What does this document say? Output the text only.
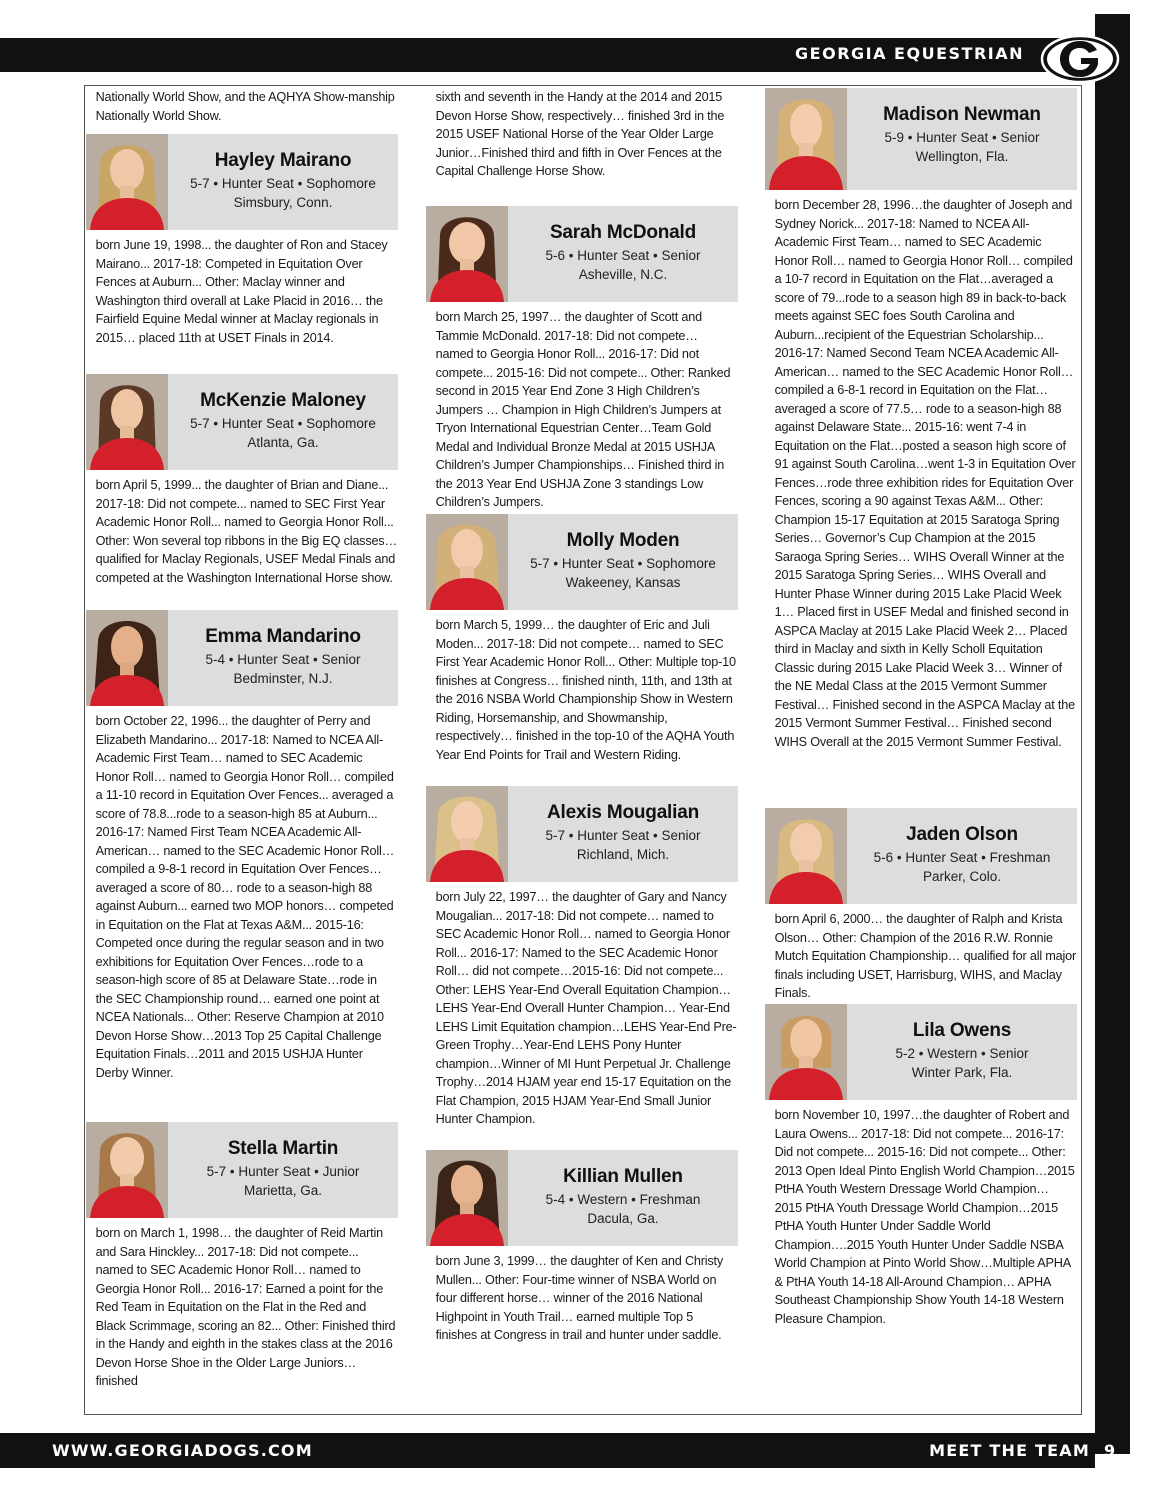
GEORGIA EQUESTRIAN
WWW.GEORGIADOGS.COM	MEET THE TEAM 9

Nationally World Show, and the AQHYA Show-manship Nationally World Show.

Hayley Mairano
5-7 • Hunter Seat • Sophomore
Simsbury, Conn.

born June 19, 1998... the daughter of Ron and Stacey Mairano... 2017-18: Competed in Equitation Over Fences at Auburn... Other: Maclay winner and Washington third overall at Lake Placid in 2016… the Fairfield Equine Medal winner at Maclay regionals in 2015… placed 11th at USET Finals in 2014.

McKenzie Maloney
5-7 • Hunter Seat • Sophomore
Atlanta, Ga.

born April 5, 1999... the daughter of Brian and Diane... 2017-18: Did not compete... named to SEC First Year Academic Honor Roll... named to Georgia Honor Roll... Other: Won several top ribbons in the Big EQ classes… qualified for Maclay Regionals, USEF Medal Finals and competed at the Washington International Horse show.

Emma Mandarino
5-4 • Hunter Seat • Senior
Bedminster, N.J.

born October 22, 1996... the daughter of Perry and Elizabeth Mandarino... 2017-18: Named to NCEA All-Academic First Team… named to SEC Academic Honor Roll… named to Georgia Honor Roll… compiled a 11-10 record in Equitation Over Fences... averaged a score of 78.8...rode to a season-high 85 at Auburn... 2016-17: Named First Team NCEA Academic All-American… named to the SEC Academic Honor Roll… compiled a 9-8-1 record in Equitation Over Fences…averaged a score of 80… rode to a season-high 88 against Auburn... earned two MOP honors… competed in Equitation on the Flat at Texas A&M... 2015-16: Competed once during the regular season and in two exhibitions for Equitation Over Fences…rode to a season-high score of 85 at Delaware State…rode in the SEC Championship round… earned one point at NCEA Nationals... Other: Reserve Champion at 2010 Devon Horse Show…2013 Top 25 Capital Challenge Equitation Finals…2011 and 2015 USHJA Hunter Derby Winner.

Stella Martin
5-7 • Hunter Seat • Junior
Marietta, Ga.

born on March 1, 1998… the daughter of Reid Martin and Sara Hinckley... 2017-18: Did not compete... named to SEC Academic Honor Roll… named to Georgia Honor Roll... 2016-17: Earned a point for the Red Team in Equitation on the Flat in the Red and Black Scrimmage, scoring an 82... Other: Finished third in the Handy and eighth in the stakes class at the 2016 Devon Horse Shoe in the Older Large Juniors… finished

sixth and seventh in the Handy at the 2014 and 2015 Devon Horse Show, respectively… finished 3rd in the 2015 USEF National Horse of the Year Older Large Junior…Finished third and fifth in Over Fences at the Capital Challenge Horse Show.

Sarah McDonald
5-6 • Hunter Seat • Senior
Asheville, N.C.

born March 25, 1997… the daughter of Scott and Tammie McDonald. 2017-18: Did not compete… named to Georgia Honor Roll... 2016-17: Did not compete... 2015-16: Did not compete... Other: Ranked second in 2015 Year End Zone 3 High Children’s Jumpers … Champion in High Children’s Jumpers at Tryon International Equestrian Center…Team Gold Medal and Individual Bronze Medal at 2015 USHJA Children’s Jumper Championships… Finished third in the 2013 Year End USHJA Zone 3 standings Low Children’s Jumpers.

Molly Moden
5-7 • Hunter Seat • Sophomore
Wakeeney, Kansas

born March 5, 1999… the daughter of Eric and Juli Moden... 2017-18: Did not compete… named to SEC First Year Academic Honor Roll... Other: Multiple top-10 finishes at Congress… finished ninth, 11th, and 13th at the 2016 NSBA World Championship Show in Western Riding, Horsemanship, and Showmanship, respectively… finished in the top-10 of the AQHA Youth Year End Points for Trail and Western Riding.

Alexis Mougalian
5-7 • Hunter Seat • Senior
Richland, Mich.

born July 22, 1997… the daughter of Gary and Nancy Mougalian... 2017-18: Did not compete… named to SEC Academic Honor Roll… named to Georgia Honor Roll... 2016-17: Named to the SEC Academic Honor Roll… did not compete…2015-16: Did not compete... Other: LEHS Year-End Overall Equitation Champion… LEHS Year-End Overall Hunter Champion… Year-End LEHS Limit Equitation champion…LEHS Year-End Pre-Green Trophy…Year-End LEHS Pony Hunter champion…Winner of MI Hunt Perpetual Jr. Challenge Trophy…2014 HJAM year end 15-17 Equitation on the Flat Champion, 2015 HJAM Year-End Small Junior Hunter Champion.

Killian Mullen
5-4 • Western • Freshman
Dacula, Ga.

born June 3, 1999… the daughter of Ken and Christy Mullen... Other: Four-time winner of NSBA World on four different horse… winner of the 2016 National Highpoint in Youth Trail… earned multiple Top 5 finishes at Congress in trail and hunter under saddle.

Madison Newman
5-9 • Hunter Seat • Senior
Wellington, Fla.

born December 28, 1996…the daughter of Joseph and Sydney Norick... 2017-18: Named to NCEA All-Academic First Team… named to SEC Academic Honor Roll… named to Georgia Honor Roll… compiled a 10-7 record in Equitation on the Flat…averaged a score of 79...rode to a season high 89 in back-to-back meets against SEC foes South Carolina and Auburn...recipient of the Equestrian Scholarship... 2016-17: Named Second Team NCEA Academic All-American… named to the SEC Academic Honor Roll… compiled a 6-8-1 record in Equitation on the Flat… averaged a score of 77.5… rode to a season-high 88 against Delaware State... 2015-16: went 7-4 in Equitation on the Flat…posted a season high score of 91 against South Carolina…went 1-3 in Equitation Over Fences…rode three exhibition rides for Equitation Over Fences, scoring a 90 against Texas A&M... Other: Champion 15-17 Equitation at 2015 Saratoga Spring Series… Governor’s Cup Champion at the 2015 Saraoga Spring Series… WIHS Overall Winner at the 2015 Saratoga Spring Series… WIHS Overall and Hunter Phase Winner during 2015 Lake Placid Week 1… Placed first in USEF Medal and finished second in ASPCA Maclay at 2015 Lake Placid Week 2… Placed third in Maclay and sixth in Kelly Scholl Equitation Classic during 2015 Lake Placid Week 3… Winner of the NE Medal Class at the 2015 Vermont Summer Festival… Finished second in the ASPCA Maclay at the 2015 Vermont Summer Festival… Finished second WIHS Overall at the 2015 Vermont Summer Festival.

Jaden Olson
5-6 • Hunter Seat • Freshman
Parker, Colo.

born April 6, 2000… the daughter of Ralph and Krista Olson… Other: Champion of the 2016 R.W. Ronnie Mutch Equitation Championship… qualified for all major finals including USET, Harrisburg, WIHS, and Maclay Finals.

Lila Owens
5-2 • Western • Senior
Winter Park, Fla.

born November 10, 1997…the daughter of Robert and Laura Owens... 2017-18: Did not compete... 2016-17: Did not compete... 2015-16: Did not compete... Other: 2013 Open Ideal Pinto English World Champion…2015 PtHA Youth Western Dressage World Champion…2015 PtHA Youth Dressage World Champion…2015 PtHA Youth Hunter Under Saddle World Champion….2015 Youth Hunter Under Saddle NSBA World Champion at Pinto World Show…Multiple APHA & PtHA Youth 14-18 All-Around Champion… APHA Southeast Championship Show Youth 14-18 Western Pleasure Champion.
